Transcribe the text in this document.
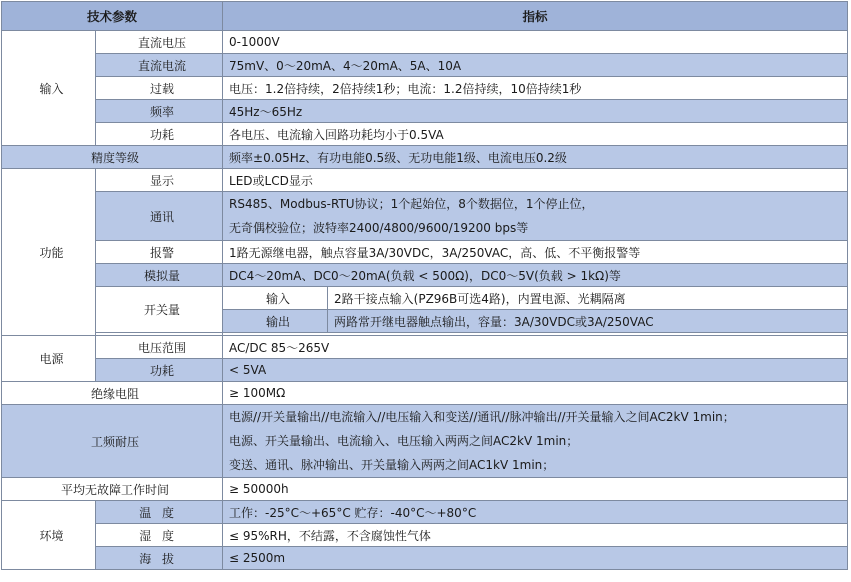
技术参数		指标	
输入	直流电压	0-1000V	
	直流电流	75mV、0～20mA、4～20mA、5A、10A	
	过载	电压：1.2倍持续，2倍持续1秒；电流：1.2倍持续，10倍持续1秒	
	频率	45Hz～65Hz	
	功耗	各电压、电流输入回路功耗均小于0.5VA	
精度等级		频率±0.05Hz、有功电能0.5级、无功电能1级、电流电压0.2级	
功能	显示	LED或LCD显示	
	通讯	RS485、Modbus-RTU协议；1个起始位，8个数据位，1个停止位，
无奇偶校验位；波特率2400/4800/9600/19200 bps等	

	报警	1路无源继电器，触点容量3A/30VDC，3A/250VAC，高、低、不平衡报警等	
	模拟量	DC4～20mA、DC0～20mA(负载 < 500Ω)，DC0～5V(负载 > 1kΩ)等	
	开关量	输入	2路干接点输入(PZ96B可选4路)，内置电源、光耦隔离
		输出	两路常开继电器触点输出，容量：3A/30VDC或3A/250VAC

电源	电压范围	AC/DC 85～265V	
	功耗	< 5VA	
绝缘电阻		≥ 100MΩ	
工频耐压		电源//开关量输出//电流输入//电压输入和变送//通讯//脉冲输出//开关量输入之间AC2kV 1min；
电源、开关量输出、电流输入、电压输入两两之间AC2kV 1min；
变送、通讯、脉冲输出、开关量输入两两之间AC1kV 1min；	

平均无故障工作时间		≥ 50000h	
环境	温度	工作：-25°C～+65°C 贮存：-40°C～+80°C	
	湿度	≤ 95%RH，不结露，不含腐蚀性气体	
	海拔	≤ 2500m	
